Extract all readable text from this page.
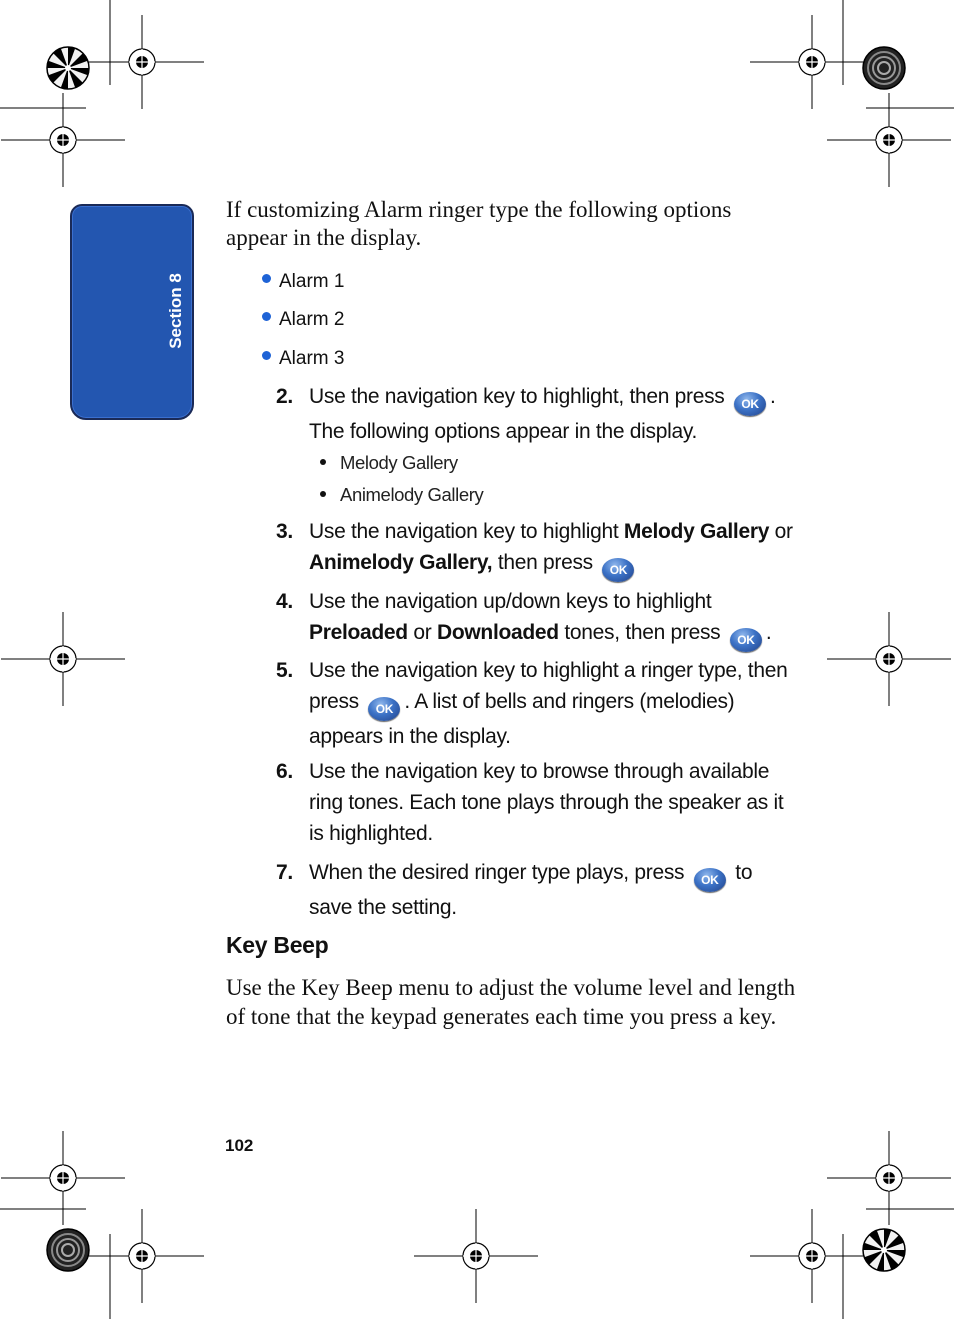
Section 8
If customizing Alarm ringer type the following options appear in the display.
Alarm 1
Alarm 2
Alarm 3
2. Use the navigation key to highlight, then press OK . The following options appear in the display.
Melody Gallery
Animelody Gallery
3. Use the navigation key to highlight Melody Gallery or Animelody Gallery, then press OK
4. Use the navigation up/down keys to highlight Preloaded or Downloaded tones, then press OK .
5. Use the navigation key to highlight a ringer type, then press OK . A list of bells and ringers (melodies) appears in the display.
6. Use the navigation key to browse through available ring tones. Each tone plays through the speaker as it is highlighted.
7. When the desired ringer type plays, press OK to save the setting.
Key Beep
Use the Key Beep menu to adjust the volume level and length of tone that the keypad generates each time you press a key.
102
